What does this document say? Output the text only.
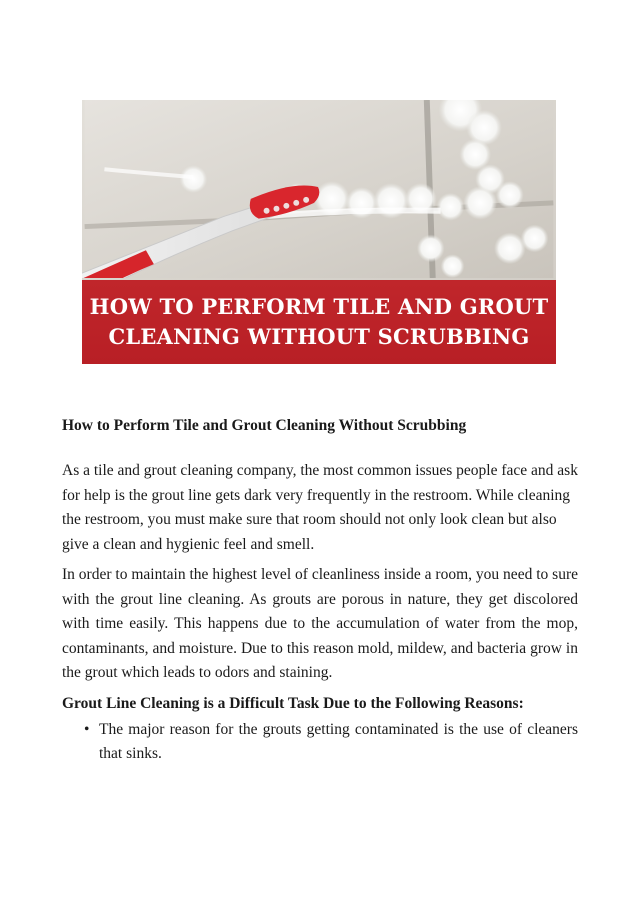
HOW TO PERFORM TILE AND GROUT
CLEANING WITHOUT SCRUBBING
How to Perform Tile and Grout Cleaning Without Scrubbing

As a tile and grout cleaning company, the most common issues people face and ask for help is the grout line gets dark very frequently in the restroom. While cleaning the restroom, you must make sure that room should not only look clean but also give a clean and hygienic feel and smell.

In order to maintain the highest level of cleanliness inside a room, you need to sure with the grout line cleaning. As grouts are porous in nature, they get discolored with time easily. This happens due to the accumulation of water from the mop, contaminants, and moisture. Due to this reason mold, mildew, and bacteria grow in the grout which leads to odors and staining.

Grout Line Cleaning is a Difficult Task Due to the Following Reasons:
• The major reason for the grouts getting contaminated is the use of cleaners that sinks.
